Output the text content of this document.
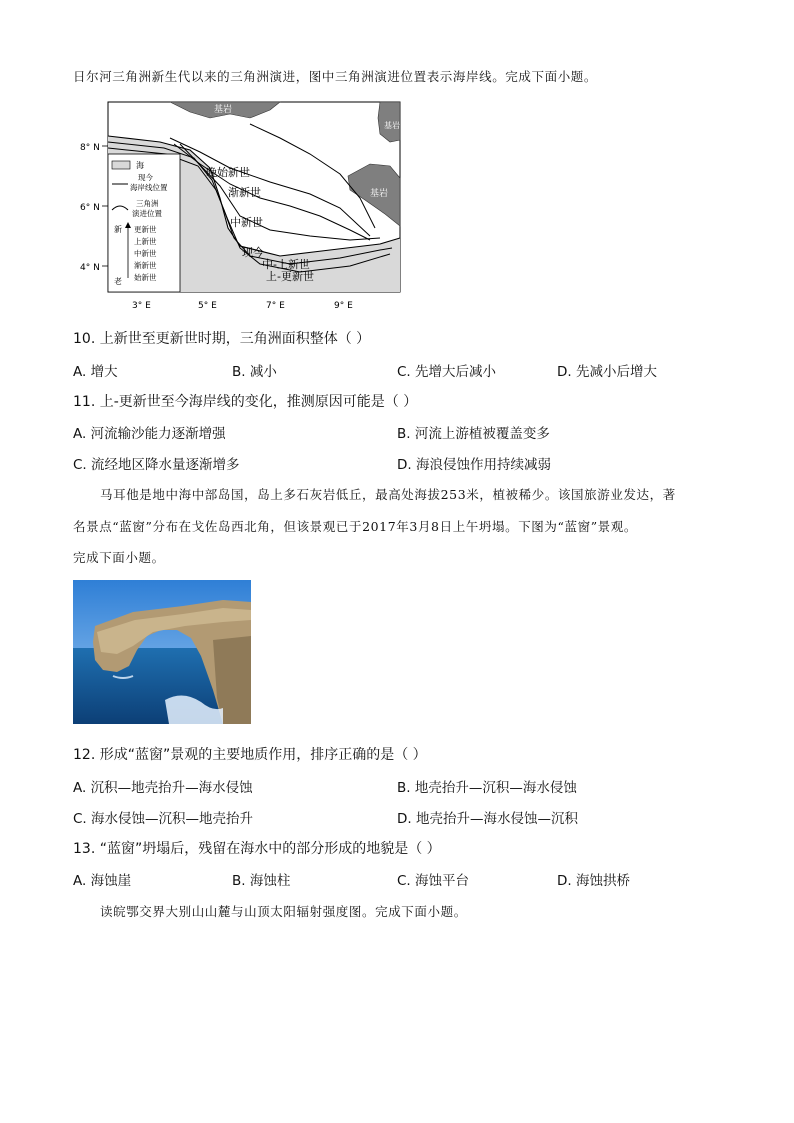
日尔河三角洲新生代以来的三角洲演进，图中三角洲演进位置表示海岸线。完成下面小题。
8° N
6° N
4° N
基岩
基岩
基岩
晚始新世
渐新世
中新世
现今
中-上新世
上-更新世
海
现今
海岸线位置
三角洲
演进位置
新
老
更新世
上新世
中新世
渐新世
始新世
3° E	5° E	7° E	9° E
10. 上新世至更新世时期，三角洲面积整体（ ）
A. 增大	B. 减小	C. 先增大后减小	D. 先减小后增大
11. 上-更新世至今海岸线的变化，推测原因可能是（ ）
A. 河流输沙能力逐渐增强	B. 河流上游植被覆盖变多
C. 流经地区降水量逐渐增多	D. 海浪侵蚀作用持续减弱
马耳他是地中海中部岛国，岛上多石灰岩低丘，最高处海拔253米，植被稀少。该国旅游业发达，著
名景点“蓝窗”分布在戈佐岛西北角，但该景观已于2017年3月8日上午坍塌。下图为“蓝窗”景观。
完成下面小题。
12. 形成“蓝窗”景观的主要地质作用，排序正确的是（ ）
A. 沉积—地壳抬升—海水侵蚀	B. 地壳抬升—沉积—海水侵蚀
C. 海水侵蚀—沉积—地壳抬升	D. 地壳抬升—海水侵蚀—沉积
13. “蓝窗”坍塌后，残留在海水中的部分形成的地貌是（ ）
A. 海蚀崖	B. 海蚀柱	C. 海蚀平台	D. 海蚀拱桥
读皖鄂交界大别山山麓与山顶太阳辐射强度图。完成下面小题。
